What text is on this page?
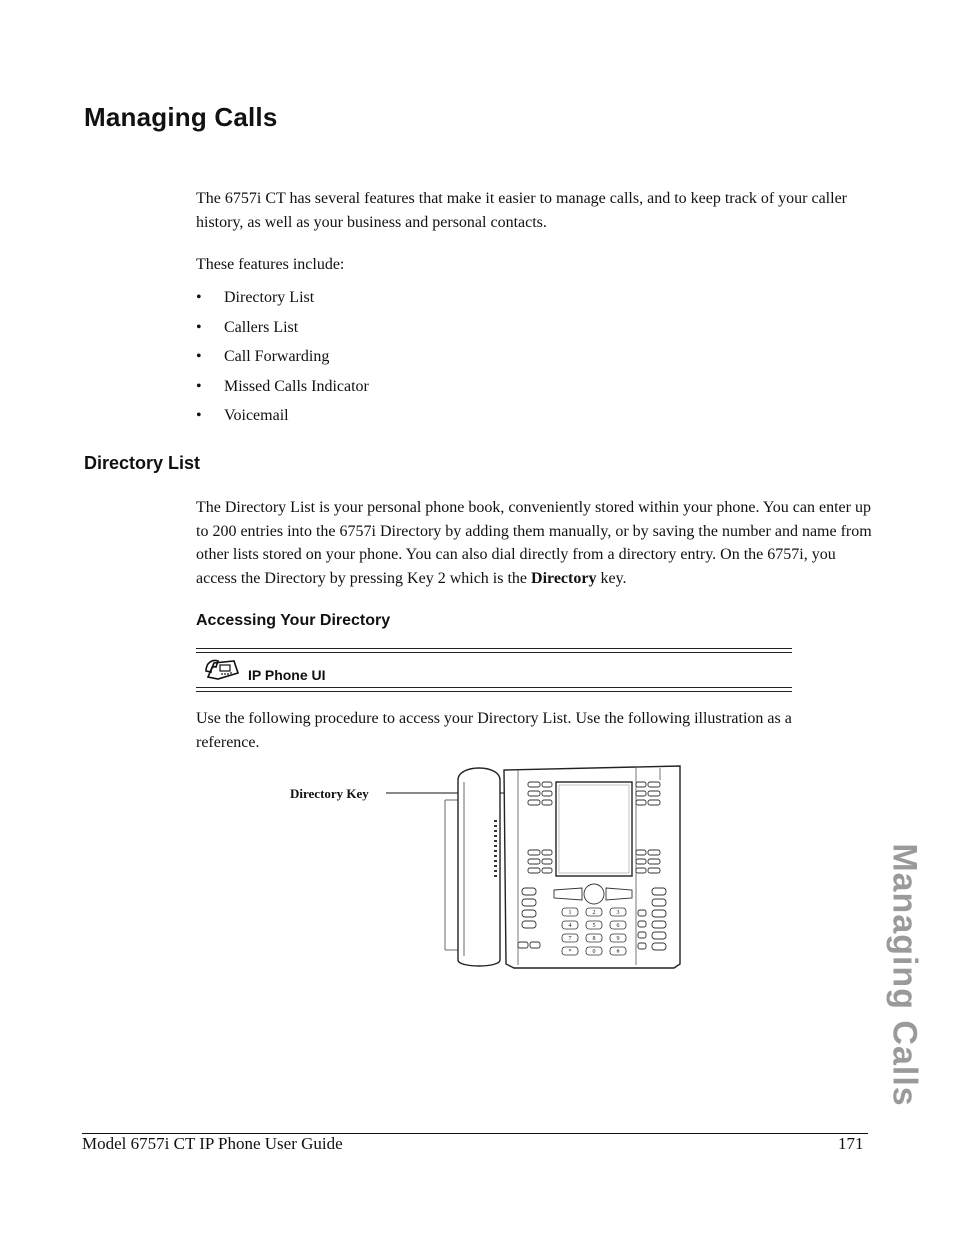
Managing Calls
The 6757i CT has several features that make it easier to manage calls, and to keep track of your caller history, as well as your business and personal contacts.
These features include:
•	Directory List
•	Callers List
•	Call Forwarding
•	Missed Calls Indicator
•	Voicemail
Directory List
The Directory List is your personal phone book, conveniently stored within your phone. You can enter up to 200 entries into the 6757i Directory by adding them manually, or by saving the number and name from other lists stored on your phone. You can also dial directly from a directory entry. On the 6757i, you access the Directory by pressing Key 2 which is the Directory key.
Accessing Your Directory
IP Phone UI
Use the following procedure to access your Directory List. Use the following illustration as a reference.
Directory Key
1	2	3
4	5	6
7	8	9
*	0	#	Managing Calls
Model 6757i CT IP Phone User Guide	171
